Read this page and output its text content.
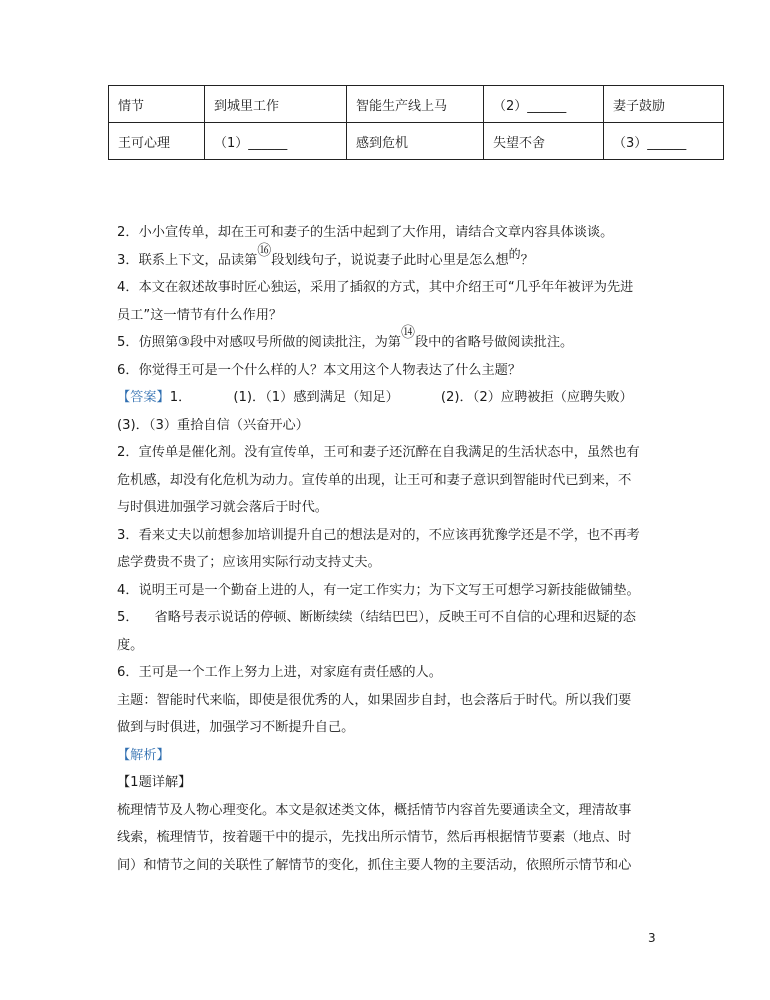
情节	到城里工作	智能生产线上马	（2）______	妻子鼓励
王可心理	（1）______	感到危机	失望不舍	（3）______
2．小小宣传单，却在王可和妻子的生活中起到了大作用，请结合文章内容具体谈谈。
3．联系上下文，品读第⑯段划线句子，说说妻子此时心里是怎么想的？
4．本文在叙述故事时匠心独运，采用了插叙的方式，其中介绍王可“几乎年年被评为先进
员工”这一情节有什么作用？
5．仿照第③段中对感叹号所做的阅读批注，为第⑭段中的省略号做阅读批注。
6．你觉得王可是一个什么样的人？本文用这个人物表达了什么主题？
【答案】1．	(1)．（1）感到满足（知足）	(2)．（2）应聘被拒（应聘失败）
(3)．（3）重拾自信（兴奋开心）
2．宣传单是催化剂。没有宣传单，王可和妻子还沉醉在自我满足的生活状态中，虽然也有
危机感，却没有化危机为动力。宣传单的出现，让王可和妻子意识到智能时代已到来，不
与时俱进加强学习就会落后于时代。
3．看来丈夫以前想参加培训提升自己的想法是对的，不应该再犹豫学还是不学，也不再考
虑学费贵不贵了；应该用实际行动支持丈夫。
4．说明王可是一个勤奋上进的人，有一定工作实力；为下文写王可想学习新技能做铺垫。
5． 省略号表示说话的停顿、断断续续（结结巴巴），反映王可不自信的心理和迟疑的态
度。
6．王可是一个工作上努力上进，对家庭有责任感的人。
主题：智能时代来临，即使是很优秀的人，如果固步自封，也会落后于时代。所以我们要
做到与时俱进，加强学习不断提升自己。
【解析】
【1题详解】
梳理情节及人物心理变化。本文是叙述类文体，概括情节内容首先要通读全文，理清故事
线索，梳理情节，按着题干中的提示，先找出所示情节，然后再根据情节要素（地点、时
间）和情节之间的关联性了解情节的变化，抓住主要人物的主要活动，依照所示情节和心
3
